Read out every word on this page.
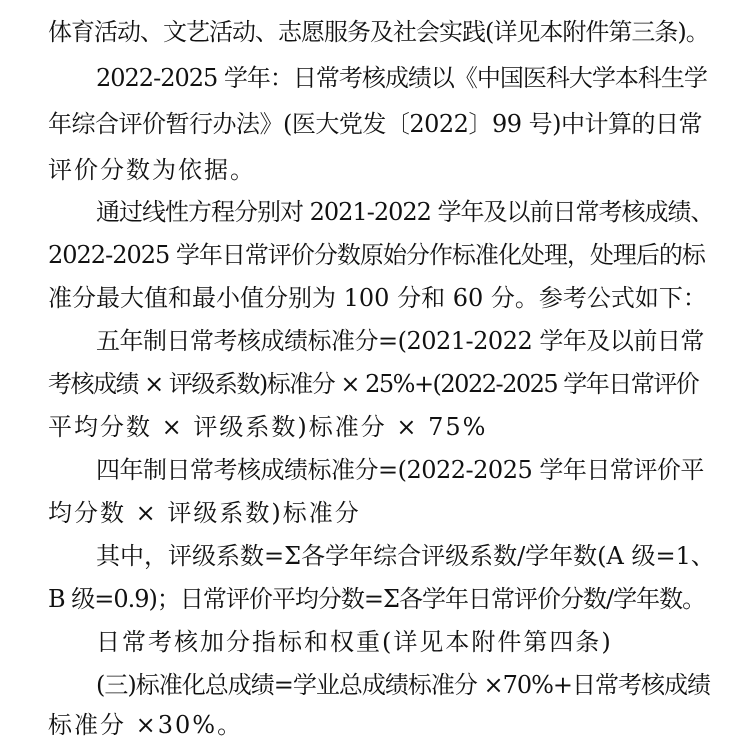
体育活动、文艺活动、志愿服务及社会实践(详见本附件第三条)。
2022-2025 学年：日常考核成绩以《中国医科大学本科生学
年综合评价暂行办法》(医大党发〔2022〕99 号)中计算的日常
评价分数为依据。
通过线性方程分别对 2021-2022 学年及以前日常考核成绩、
2022-2025 学年日常评价分数原始分作标准化处理，处理后的标
准分最大值和最小值分别为 100 分和 60 分。参考公式如下：
五年制日常考核成绩标准分=(2021-2022 学年及以前日常
考核成绩 × 评级系数)标准分 × 25%+(2022-2025 学年日常评价
平均分数 × 评级系数)标准分 × 75%
四年制日常考核成绩标准分=(2022-2025 学年日常评价平
均分数 × 评级系数)标准分
其中，评级系数=Σ各学年综合评级系数/学年数(A 级=1、
B 级=0.9)；日常评价平均分数=Σ各学年日常评价分数/学年数。
日常考核加分指标和权重(详见本附件第四条)
(三)标准化总成绩=学业总成绩标准分 ×70%+日常考核成绩
标准分 ×30%。
